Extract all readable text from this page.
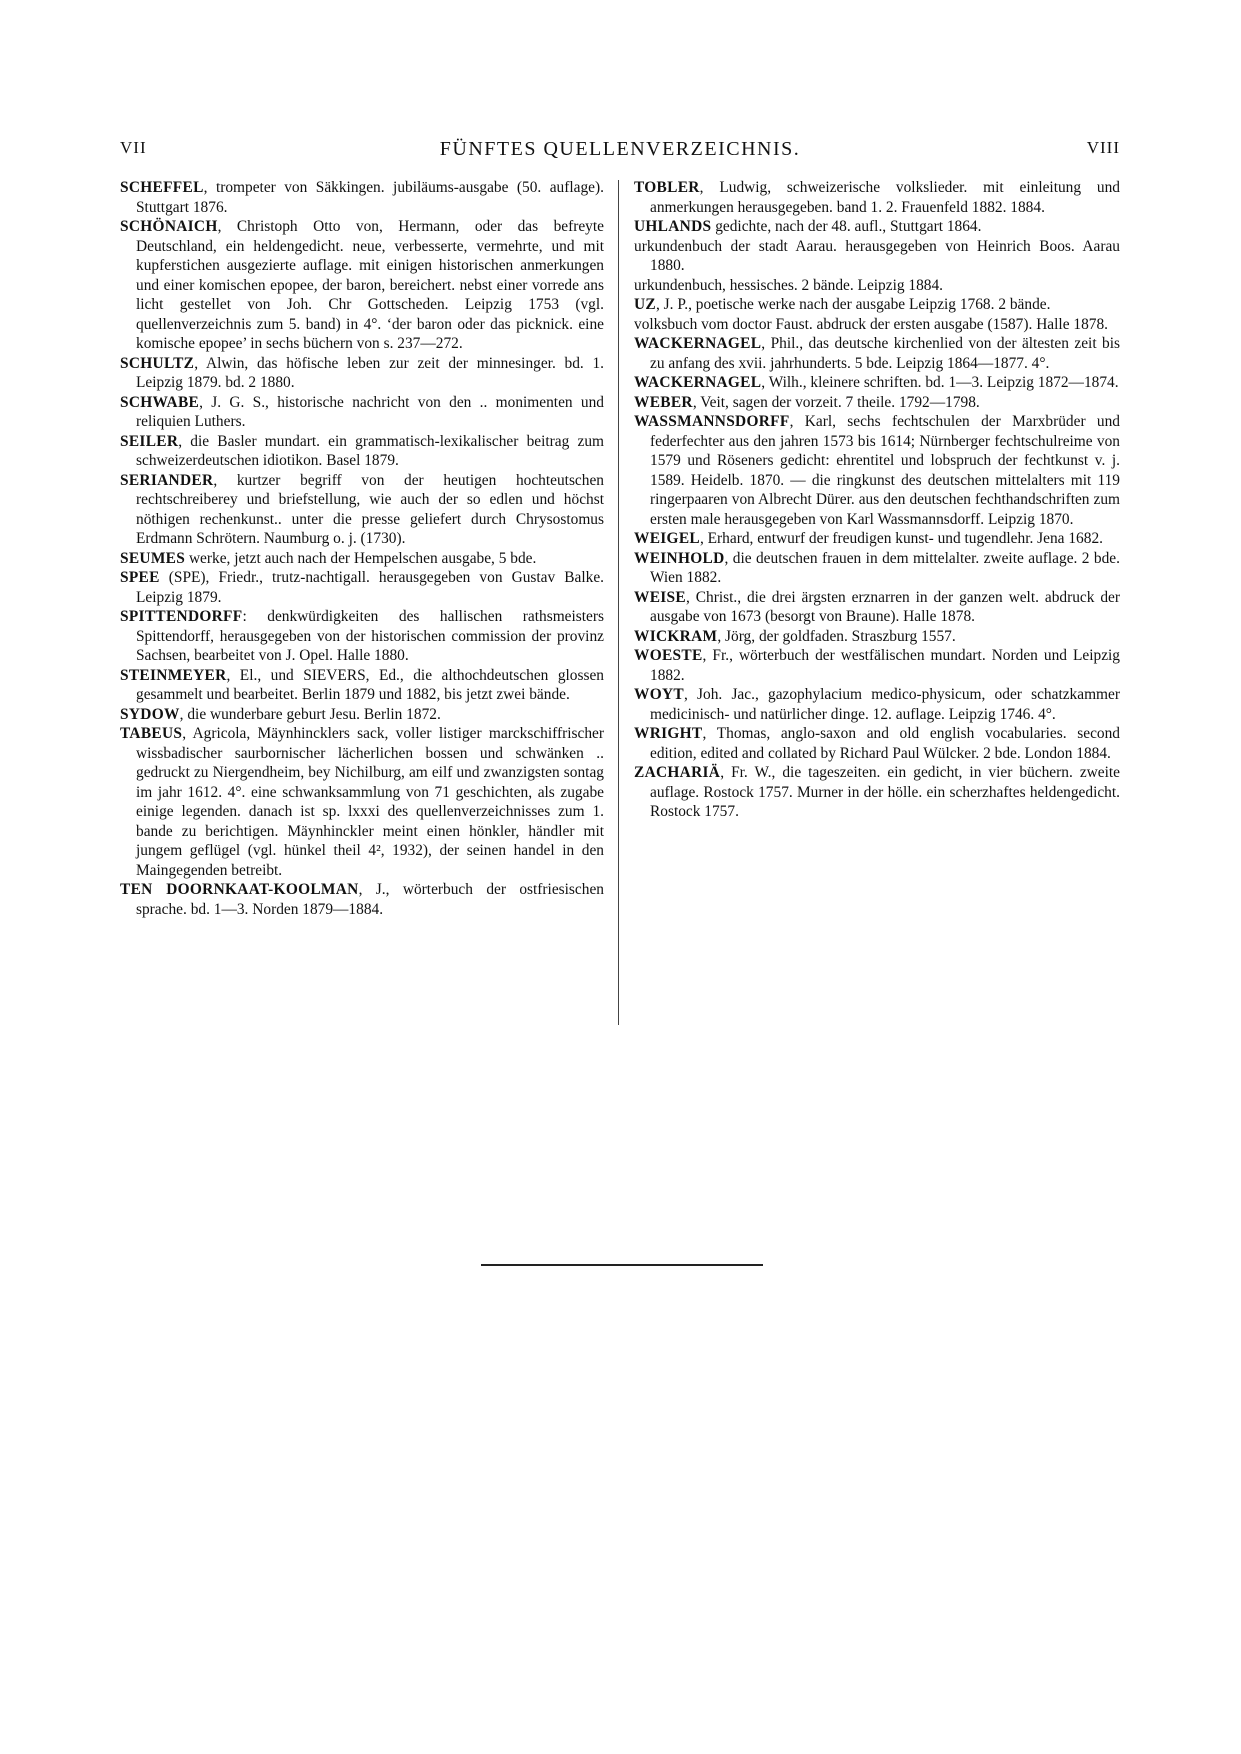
VII	FÜNFTES QUELLENVERZEICHNIS.	VIII

SCHEFFEL, trompeter von Säkkingen. jubiläums-ausgabe (50. auflage). Stuttgart 1876.

SCHÖNAICH, Christoph Otto von, Hermann, oder das befreyte Deutschland, ein heldengedicht. neue, verbesserte, vermehrte, und mit kupferstichen ausgezierte auflage. mit einigen historischen anmerkungen und einer komischen epopee, der baron, bereichert. nebst einer vorrede ans licht gestellet von Joh. Chr Gottscheden. Leipzig 1753 (vgl. quellenverzeichnis zum 5. band) in 4°. ‘der baron oder das picknick. eine komische epopee’ in sechs büchern von s. 237—272.

SCHULTZ, Alwin, das höfische leben zur zeit der minnesinger. bd. 1. Leipzig 1879. bd. 2 1880.

SCHWABE, J. G. S., historische nachricht von den .. monimenten und reliquien Luthers.

SEILER, die Basler mundart. ein grammatisch-lexikalischer beitrag zum schweizerdeutschen idiotikon. Basel 1879.

SERIANDER, kurtzer begriff von der heutigen hochteutschen rechtschreiberey und briefstellung, wie auch der so edlen und höchst nöthigen rechenkunst.. unter die presse geliefert durch Chrysostomus Erdmann Schrötern. Naumburg o. j. (1730).

SEUMES werke, jetzt auch nach der Hempelschen ausgabe, 5 bde.

SPEE (SPE), Friedr., trutz-nachtigall. herausgegeben von Gustav Balke. Leipzig 1879.

SPITTENDORFF: denkwürdigkeiten des hallischen rathsmeisters Spittendorff, herausgegeben von der historischen commission der provinz Sachsen, bearbeitet von J. Opel. Halle 1880.

STEINMEYER, El., und SIEVERS, Ed., die althochdeutschen glossen gesammelt und bearbeitet. Berlin 1879 und 1882, bis jetzt zwei bände.

SYDOW, die wunderbare geburt Jesu. Berlin 1872.

TABEUS, Agricola, Mäynhincklers sack, voller listiger marckschiffrischer wissbadischer saurbornischer lächerlichen bossen und schwänken .. gedruckt zu Niergendheim, bey Nichilburg, am eilf und zwanzigsten sontag im jahr 1612. 4°. eine schwanksammlung von 71 geschichten, als zugabe einige legenden. danach ist sp. lxxxi des quellenverzeichnisses zum 1. bande zu berichtigen. Mäynhinckler meint einen hönkler, händler mit jungem geflügel (vgl. hünkel theil 4², 1932), der seinen handel in den Maingegenden betreibt.

TEN DOORNKAAT-KOOLMAN, J., wörterbuch der ostfriesischen sprache. bd. 1—3. Norden 1879—1884.

TOBLER, Ludwig, schweizerische volkslieder. mit einleitung und anmerkungen herausgegeben. band 1. 2. Frauenfeld 1882. 1884.

UHLANDS gedichte, nach der 48. aufl., Stuttgart 1864.

urkundenbuch der stadt Aarau. herausgegeben von Heinrich Boos. Aarau 1880.

urkundenbuch, hessisches. 2 bände. Leipzig 1884.

UZ, J. P., poetische werke nach der ausgabe Leipzig 1768. 2 bände.

volksbuch vom doctor Faust. abdruck der ersten ausgabe (1587). Halle 1878.

WACKERNAGEL, Phil., das deutsche kirchenlied von der ältesten zeit bis zu anfang des xvii. jahrhunderts. 5 bde. Leipzig 1864—1877. 4°.

WACKERNAGEL, Wilh., kleinere schriften. bd. 1—3. Leipzig 1872—1874.

WEBER, Veit, sagen der vorzeit. 7 theile. 1792—1798.

WASSMANNSDORFF, Karl, sechs fechtschulen der Marxbrüder und federfechter aus den jahren 1573 bis 1614; Nürnberger fechtschulreime von 1579 und Röseners gedicht: ehrentitel und lobspruch der fechtkunst v. j. 1589. Heidelb. 1870. — die ringkunst des deutschen mittelalters mit 119 ringerpaaren von Albrecht Dürer. aus den deutschen fechthandschriften zum ersten male herausgegeben von Karl Wassmannsdorff. Leipzig 1870.

WEIGEL, Erhard, entwurf der freudigen kunst- und tugendlehr. Jena 1682.

WEINHOLD, die deutschen frauen in dem mittelalter. zweite auflage. 2 bde. Wien 1882.

WEISE, Christ., die drei ärgsten erznarren in der ganzen welt. abdruck der ausgabe von 1673 (besorgt von Braune). Halle 1878.

WICKRAM, Jörg, der goldfaden. Straszburg 1557.

WOESTE, Fr., wörterbuch der westfälischen mundart. Norden und Leipzig 1882.

WOYT, Joh. Jac., gazophylacium medico-physicum, oder schatzkammer medicinisch- und natürlicher dinge. 12. auflage. Leipzig 1746. 4°.

WRIGHT, Thomas, anglo-saxon and old english vocabularies. second edition, edited and collated by Richard Paul Wülcker. 2 bde. London 1884.

ZACHARIÄ, Fr. W., die tageszeiten. ein gedicht, in vier büchern. zweite auflage. Rostock 1757. Murner in der hölle. ein scherzhaftes heldengedicht. Rostock 1757.
